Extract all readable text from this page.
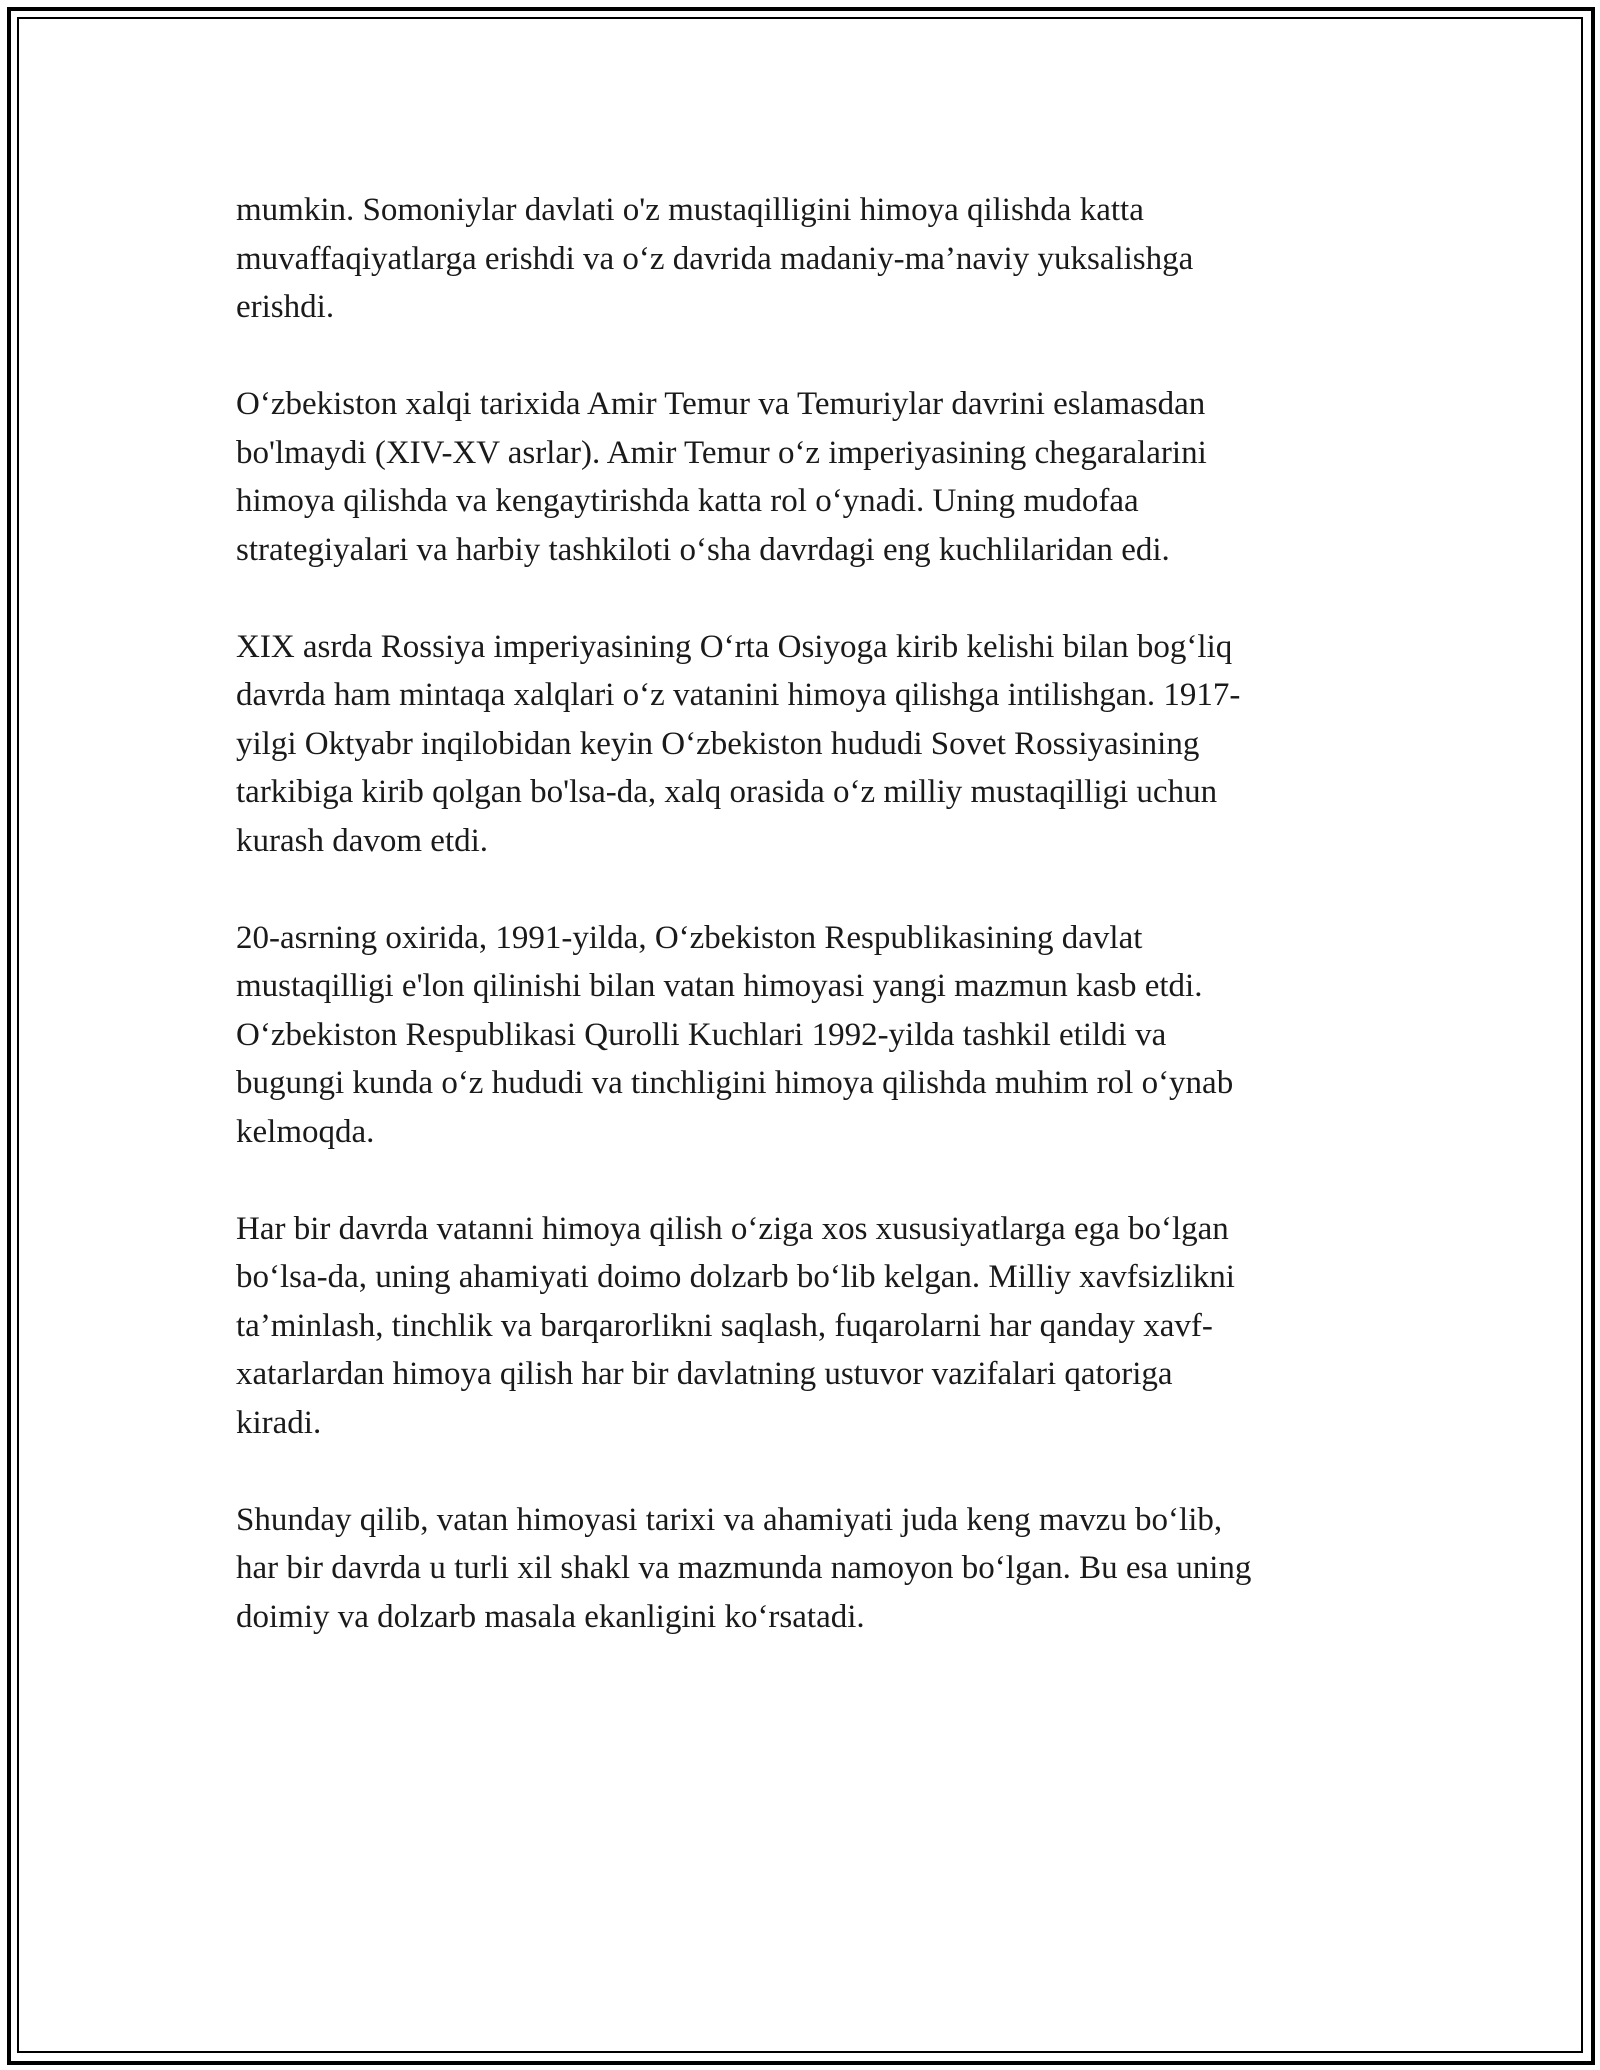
mumkin. Somoniylar davlati o'z mustaqilligini himoya qilishda katta
muvaffaqiyatlarga erishdi va o‘z davrida madaniy-ma’naviy yuksalishga
erishdi.

O‘zbekiston xalqi tarixida Amir Temur va Temuriylar davrini eslamasdan
bo'lmaydi (XIV-XV asrlar). Amir Temur o‘z imperiyasining chegaralarini
himoya qilishda va kengaytirishda katta rol o‘ynadi. Uning mudofaa
strategiyalari va harbiy tashkiloti o‘sha davrdagi eng kuchlilaridan edi.

XIX asrda Rossiya imperiyasining O‘rta Osiyoga kirib kelishi bilan bog‘liq
davrda ham mintaqa xalqlari o‘z vatanini himoya qilishga intilishgan. 1917-
yilgi Oktyabr inqilobidan keyin O‘zbekiston hududi Sovet Rossiyasining
tarkibiga kirib qolgan bo'lsa-da, xalq orasida o‘z milliy mustaqilligi uchun
kurash davom etdi.

20-asrning oxirida, 1991-yilda, O‘zbekiston Respublikasining davlat
mustaqilligi e'lon qilinishi bilan vatan himoyasi yangi mazmun kasb etdi.
O‘zbekiston Respublikasi Qurolli Kuchlari 1992-yilda tashkil etildi va
bugungi kunda o‘z hududi va tinchligini himoya qilishda muhim rol o‘ynab
kelmoqda.

Har bir davrda vatanni himoya qilish o‘ziga xos xususiyatlarga ega bo‘lgan
bo‘lsa-da, uning ahamiyati doimo dolzarb bo‘lib kelgan. Milliy xavfsizlikni
ta’minlash, tinchlik va barqarorlikni saqlash, fuqarolarni har qanday xavf-
xatarlardan himoya qilish har bir davlatning ustuvor vazifalari qatoriga
kiradi.

Shunday qilib, vatan himoyasi tarixi va ahamiyati juda keng mavzu bo‘lib,
har bir davrda u turli xil shakl va mazmunda namoyon bo‘lgan. Bu esa uning
doimiy va dolzarb masala ekanligini ko‘rsatadi.
